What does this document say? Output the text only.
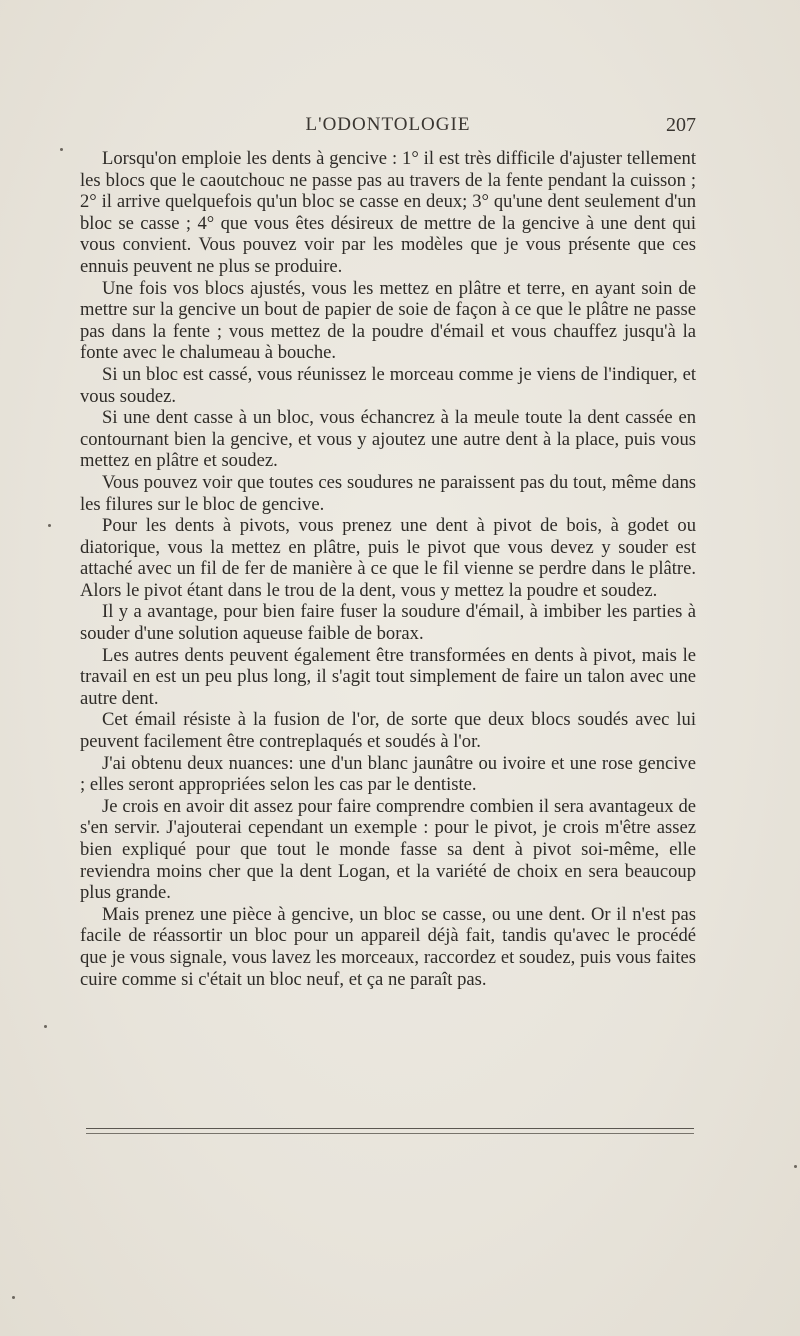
L'ODONTOLOGIE	207

Lorsqu'on emploie les dents à gencive : 1° il est très difficile d'ajuster tellement les blocs que le caoutchouc ne passe pas au travers de la fente pendant la cuisson ; 2° il arrive quelquefois qu'un bloc se casse en deux; 3° qu'une dent seulement d'un bloc se casse ; 4° que vous êtes désireux de mettre de la gencive à une dent qui vous convient. Vous pouvez voir par les modèles que je vous présente que ces ennuis peuvent ne plus se produire.

Une fois vos blocs ajustés, vous les mettez en plâtre et terre, en ayant soin de mettre sur la gencive un bout de papier de soie de façon à ce que le plâtre ne passe pas dans la fente ; vous mettez de la poudre d'émail et vous chauffez jusqu'à la fonte avec le chalumeau à bouche.

Si un bloc est cassé, vous réunissez le morceau comme je viens de l'indiquer, et vous soudez.

Si une dent casse à un bloc, vous échancrez à la meule toute la dent cassée en contournant bien la gencive, et vous y ajoutez une autre dent à la place, puis vous mettez en plâtre et soudez.

Vous pouvez voir que toutes ces soudures ne paraissent pas du tout, même dans les filures sur le bloc de gencive.

Pour les dents à pivots, vous prenez une dent à pivot de bois, à godet ou diatorique, vous la mettez en plâtre, puis le pivot que vous devez y souder est attaché avec un fil de fer de manière à ce que le fil vienne se perdre dans le plâtre. Alors le pivot étant dans le trou de la dent, vous y mettez la poudre et soudez.

Il y a avantage, pour bien faire fuser la soudure d'émail, à imbiber les parties à souder d'une solution aqueuse faible de borax.

Les autres dents peuvent également être transformées en dents à pivot, mais le travail en est un peu plus long, il s'agit tout simplement de faire un talon avec une autre dent.

Cet émail résiste à la fusion de l'or, de sorte que deux blocs soudés avec lui peuvent facilement être contreplaqués et soudés à l'or.

J'ai obtenu deux nuances: une d'un blanc jaunâtre ou ivoire et une rose gencive ; elles seront appropriées selon les cas par le dentiste.

Je crois en avoir dit assez pour faire comprendre combien il sera avantageux de s'en servir. J'ajouterai cependant un exemple : pour le pivot, je crois m'être assez bien expliqué pour que tout le monde fasse sa dent à pivot soi-même, elle reviendra moins cher que la dent Logan, et la variété de choix en sera beaucoup plus grande.

Mais prenez une pièce à gencive, un bloc se casse, ou une dent. Or il n'est pas facile de réassortir un bloc pour un appareil déjà fait, tandis qu'avec le procédé que je vous signale, vous lavez les morceaux, raccordez et soudez, puis vous faites cuire comme si c'était un bloc neuf, et ça ne paraît pas.
